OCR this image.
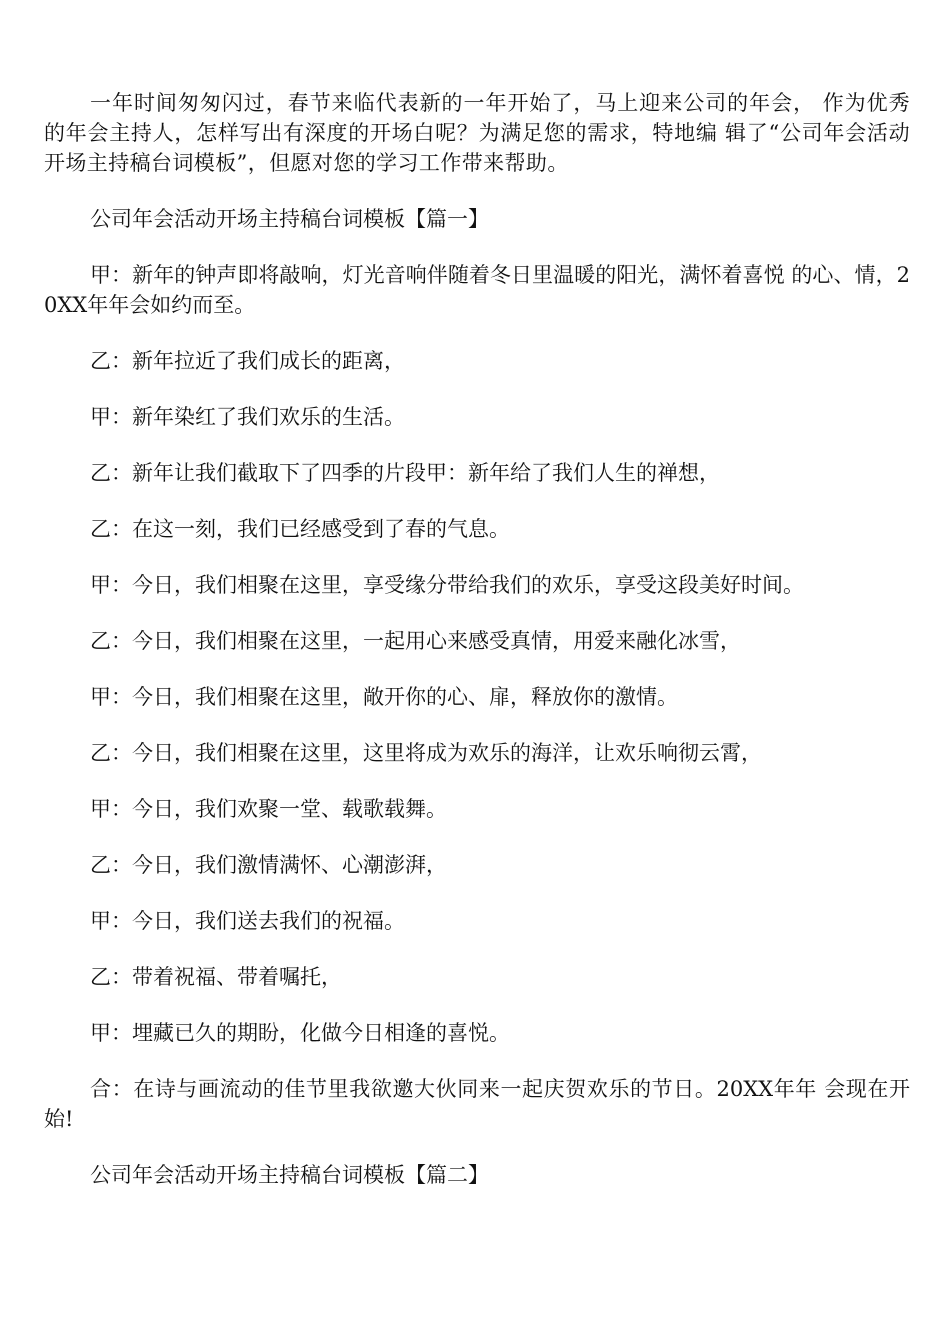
一年时间匆匆闪过，春节来临代表新的一年开始了，马上迎来公司的年会， 作为优秀的年会主持人，怎样写出有深度的开场白呢？为满足您的需求，特地编 辑了“公司年会活动开场主持稿台词模板”，但愿对您的学习工作带来帮助。

公司年会活动开场主持稿台词模板【篇一】

甲：新年的钟声即将敲响，灯光音响伴随着冬日里温暖的阳光，满怀着喜悦 的心、情，20XX年年会如约而至。

乙：新年拉近了我们成长的距离，

甲：新年染红了我们欢乐的生活。

乙：新年让我们截取下了四季的片段甲：新年给了我们人生的禅想，

乙：在这一刻，我们已经感受到了春的气息。

甲：今日，我们相聚在这里，享受缘分带给我们的欢乐，享受这段美好时间。

乙：今日，我们相聚在这里，一起用心来感受真情，用爱来融化冰雪，

甲：今日，我们相聚在这里，敞开你的心、扉，释放你的激情。

乙：今日，我们相聚在这里，这里将成为欢乐的海洋，让欢乐响彻云霄，

甲：今日，我们欢聚一堂、载歌载舞。

乙：今日，我们激情满怀、心潮澎湃，

甲：今日，我们送去我们的祝福。

乙：带着祝福、带着嘱托，

甲：埋藏已久的期盼，化做今日相逢的喜悦。

合：在诗与画流动的佳节里我欲邀大伙同来一起庆贺欢乐的节日。20XX年年 会现在开始!

公司年会活动开场主持稿台词模板【篇二】
